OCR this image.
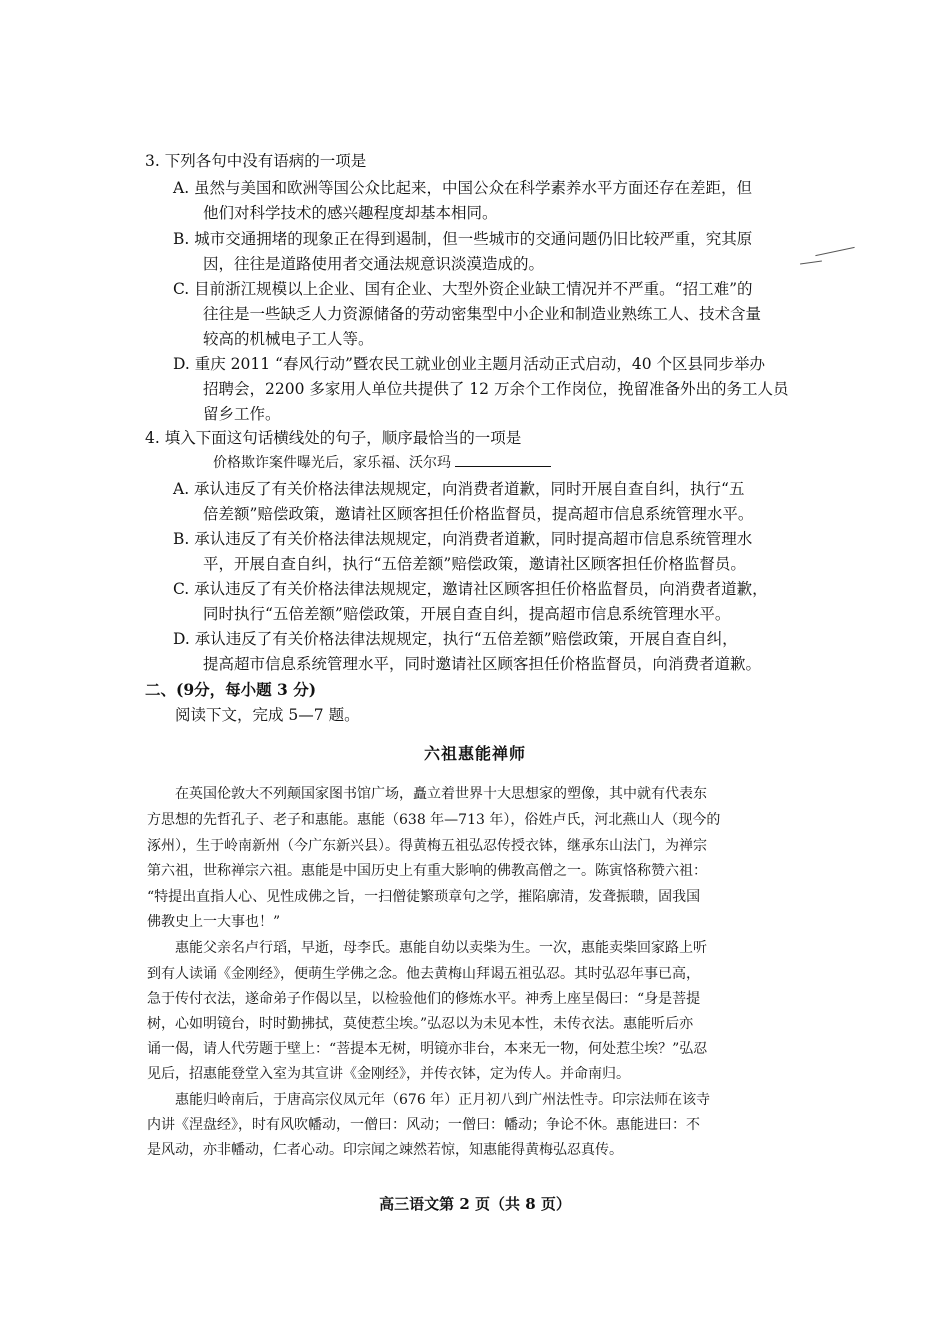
3. 下列各句中没有语病的一项是
A. 虽然与美国和欧洲等国公众比起来，中国公众在科学素养水平方面还存在差距，但
他们对科学技术的感兴趣程度却基本相同。
B. 城市交通拥堵的现象正在得到遏制，但一些城市的交通问题仍旧比较严重，究其原
因，往往是道路使用者交通法规意识淡漠造成的。
C. 目前浙江规模以上企业、国有企业、大型外资企业缺工情况并不严重。“招工难”的
往往是一些缺乏人力资源储备的劳动密集型中小企业和制造业熟练工人、技术含量
较高的机械电子工人等。
D. 重庆 2011 “春风行动”暨农民工就业创业主题月活动正式启动，40 个区县同步举办
招聘会，2200 多家用人单位共提供了 12 万余个工作岗位，挽留准备外出的务工人员
留乡工作。
4. 填入下面这句话横线处的句子，顺序最恰当的一项是
价格欺诈案件曝光后，家乐福、沃尔玛
A. 承认违反了有关价格法律法规规定，向消费者道歉，同时开展自查自纠，执行“五
倍差额”赔偿政策，邀请社区顾客担任价格监督员，提高超市信息系统管理水平。
B. 承认违反了有关价格法律法规规定，向消费者道歉，同时提高超市信息系统管理水
平，开展自查自纠，执行“五倍差额”赔偿政策，邀请社区顾客担任价格监督员。
C. 承认违反了有关价格法律法规规定，邀请社区顾客担任价格监督员，向消费者道歉，
同时执行“五倍差额”赔偿政策，开展自查自纠，提高超市信息系统管理水平。
D. 承认违反了有关价格法律法规规定，执行“五倍差额”赔偿政策，开展自查自纠，
提高超市信息系统管理水平，同时邀请社区顾客担任价格监督员，向消费者道歉。
二、(9分，每小题 3 分)
阅读下文，完成 5—7 题。
六祖惠能禅师
在英国伦敦大不列颠国家图书馆广场，矗立着世界十大思想家的塑像，其中就有代表东
方思想的先哲孔子、老子和惠能。惠能（638 年—713 年），俗姓卢氏，河北燕山人（现今的
涿州），生于岭南新州（今广东新兴县）。得黄梅五祖弘忍传授衣钵，继承东山法门，为禅宗
第六祖，世称禅宗六祖。惠能是中国历史上有重大影响的佛教高僧之一。陈寅恪称赞六祖：
“特提出直指人心、见性成佛之旨，一扫僧徒繁琐章句之学，摧陷廓清，发聋振聩，固我国
佛教史上一大事也！”
惠能父亲名卢行瑫，早逝，母李氏。惠能自幼以卖柴为生。一次，惠能卖柴回家路上听
到有人读诵《金刚经》，便萌生学佛之念。他去黄梅山拜谒五祖弘忍。其时弘忍年事已高，
急于传付衣法，遂命弟子作偈以呈，以检验他们的修炼水平。神秀上座呈偈曰：“身是菩提
树，心如明镜台，时时勤拂拭，莫使惹尘埃。”弘忍以为未见本性，未传衣法。惠能听后亦
诵一偈，请人代劳题于壁上：“菩提本无树，明镜亦非台，本来无一物，何处惹尘埃？”弘忍
见后，招惠能登堂入室为其宣讲《金刚经》，并传衣钵，定为传人。并命南归。
惠能归岭南后，于唐高宗仪凤元年（676 年）正月初八到广州法性寺。印宗法师在该寺
内讲《涅盘经》，时有风吹幡动，一僧曰：风动；一僧曰：幡动；争论不休。惠能进曰：不
是风动，亦非幡动，仁者心动。印宗闻之竦然若惊，知惠能得黄梅弘忍真传。
高三语文第 2 页（共 8 页）
